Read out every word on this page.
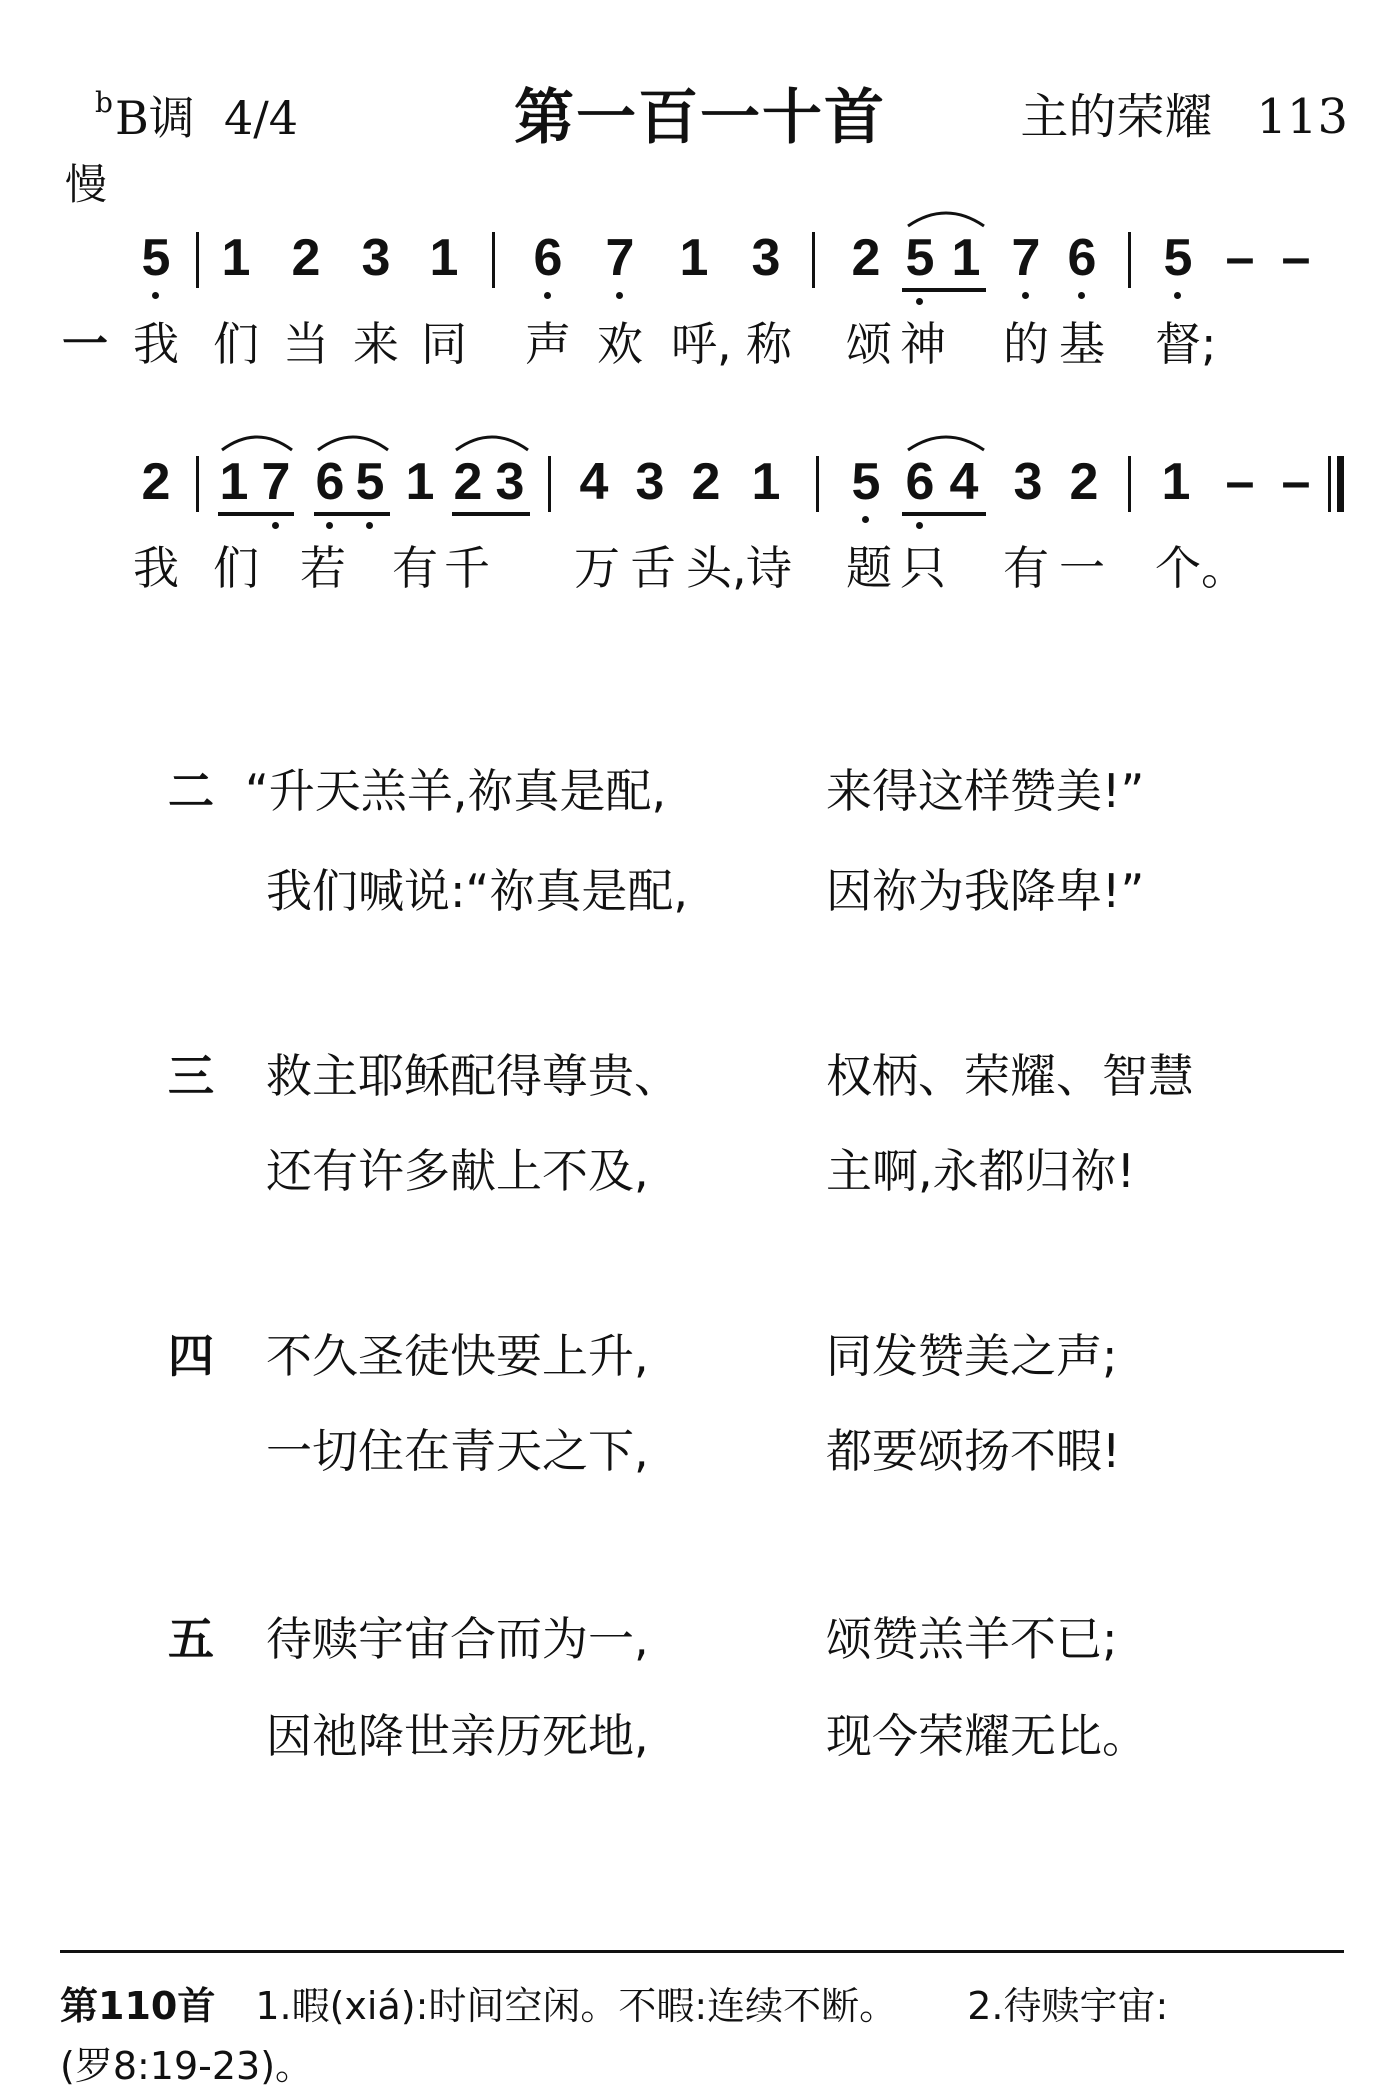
$^b$B调 4/4	第一百一十首	主的荣耀 113
慢
5 1 2 3 1 6 7 1 3 2 5 1 7 6 5 – –
一 我 们 当 来 同 声 欢 呼, 称 颂 神 的 基 督;
2 1 7 6 5 1 2 3 4 3 2 1 5 6 4 3 2 1 – –
我 们 若 有 千 万 舌 头, 诗 题 只 有 一 个。
二 “升天羔羊,祢真是配,	来得这样赞美!”
我们喊说:“祢真是配,	因祢为我降卑!”
三 救主耶稣配得尊贵、	权柄、荣耀、智慧
还有许多献上不及,	主啊,永都归祢!
四 不久圣徒快要上升,	同发赞美之声;
一切住在青天之下,	都要颂扬不暇!
五 待赎宇宙合而为一,	颂赞羔羊不已;
因祂降世亲历死地,	现今荣耀无比。
第110首 1.暇(xiá):时间空闲。不暇:连续不断。 2.待赎宇宙:
(罗8:19-23)。
